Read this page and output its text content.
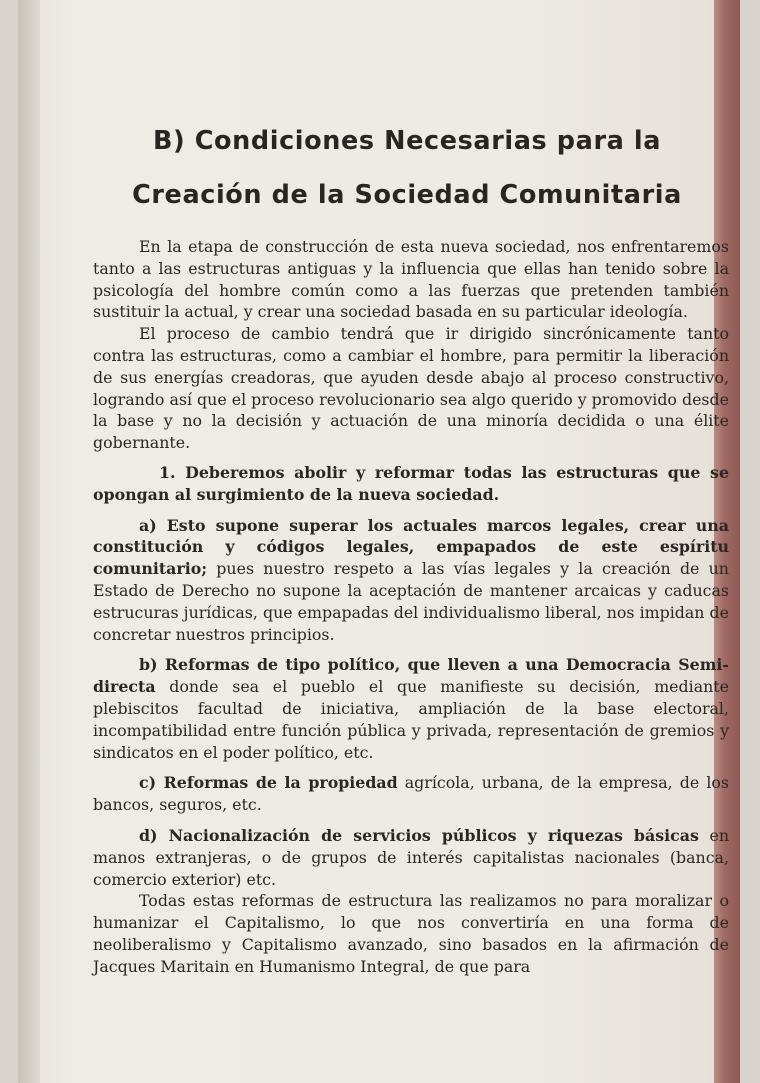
B) Condiciones Necesarias para la
Creación de la Sociedad Comunitaria

En la etapa de construcción de esta nueva sociedad, nos enfrentaremos tanto a las estructuras antiguas y la influencia que ellas han tenido sobre la psicología del hombre común como a las fuerzas que pretenden también sustituir la actual, y crear una sociedad basada en su particular ideología.

El proceso de cambio tendrá que ir dirigido sincrónicamente tanto contra las estructuras, como a cambiar el hombre, para permitir la liberación de sus energías creadoras, que ayuden desde abajo al proceso constructivo, logrando así que el proceso revolucionario sea algo querido y promovido desde la base y no la decisión y actuación de una minoría decidida o una élite gobernante.

1. Deberemos abolir y reformar todas las estructuras que se opongan al surgimiento de la nueva sociedad.

a) Esto supone superar los actuales marcos legales, crear una constitución y códigos legales, empapados de este espíritu comunitario; pues nuestro respeto a las vías legales y la creación de un Estado de Derecho no supone la aceptación de mantener arcaicas y caducas estrucuras jurídicas, que empapadas del individualismo liberal, nos impidan de concretar nuestros principios.

b) Reformas de tipo político, que lleven a una Democracia Semi-directa donde sea el pueblo el que manifieste su decisión, mediante plebiscitos facultad de iniciativa, ampliación de la base electoral, incompatibilidad entre función pública y privada, representación de gremios y sindicatos en el poder político, etc.

c) Reformas de la propiedad agrícola, urbana, de la empresa, de los bancos, seguros, etc.

d) Nacionalización de servicios públicos y riquezas básicas en manos extranjeras, o de grupos de interés capitalistas nacionales (banca, comercio exterior) etc.

Todas estas reformas de estructura las realizamos no para moralizar o humanizar el Capitalismo, lo que nos convertiría en una forma de neoliberalismo y Capitalismo avanzado, sino basados en la afirmación de Jacques Maritain en Humanismo Integral, de que para
